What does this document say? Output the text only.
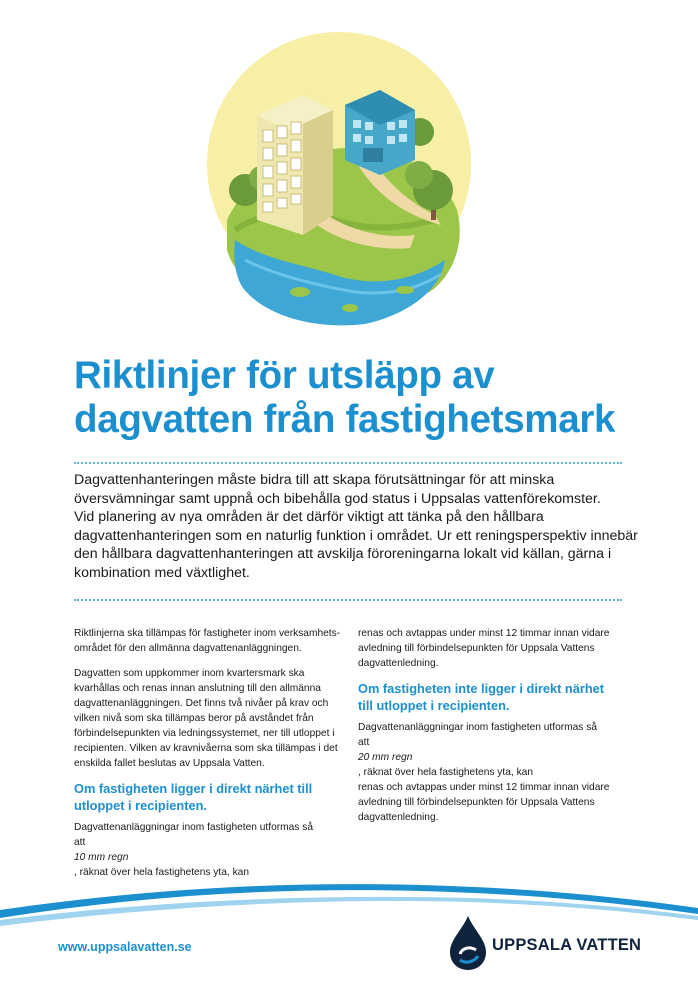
Riktlinjer för utsläpp av
dagvatten från fastighetsmark
Dagvattenhanteringen måste bidra till att skapa förutsättningar för att minska
översvämningar samt uppnå och bibehålla god status i Uppsalas vattenförekomster.
Vid planering av nya områden är det därför viktigt att tänka på den hållbara
dagvattenhanteringen som en naturlig funktion i området. Ur ett reningsperspektiv innebär
den hållbara dagvattenhanteringen att avskilja föroreningarna lokalt vid källan, gärna i
kombination med växtlighet.

Riktlinjerna ska tillämpas för fastigheter inom verksamhets-
området för den allmänna dagvattenanläggningen.

Dagvatten som uppkommer inom kvartersmark ska
kvarhållas och renas innan anslutning till den allmänna
dagvattenanläggningen. Det finns två nivåer på krav och
vilken nivå som ska tillämpas beror på avståndet från
förbindelsepunkten via ledningssystemet, ner till utloppet i
recipienten. Vilken av kravnivåerna som ska tillämpas i det
enskilda fallet beslutas av Uppsala Vatten.

Om fastigheten ligger i direkt närhet till
utloppet i recipienten.

Dagvattenanläggningar inom fastigheten utformas så
att
10 mm regn
, räknat över hela fastighetens yta, kan

renas och avtappas under minst 12 timmar innan vidare
avledning till förbindelsepunkten för Uppsala Vattens
dagvattenledning.

Om fastigheten inte ligger i direkt närhet
till utloppet i recipienten.

Dagvattenanläggningar inom fastigheten utformas så
att
20 mm regn
, räknat över hela fastighetens yta, kan
renas och avtappas under minst 12 timmar innan vidare
avledning till förbindelsepunkten för Uppsala Vattens
dagvattenledning.

www.uppsalavatten.se	UPPSALA VATTEN
